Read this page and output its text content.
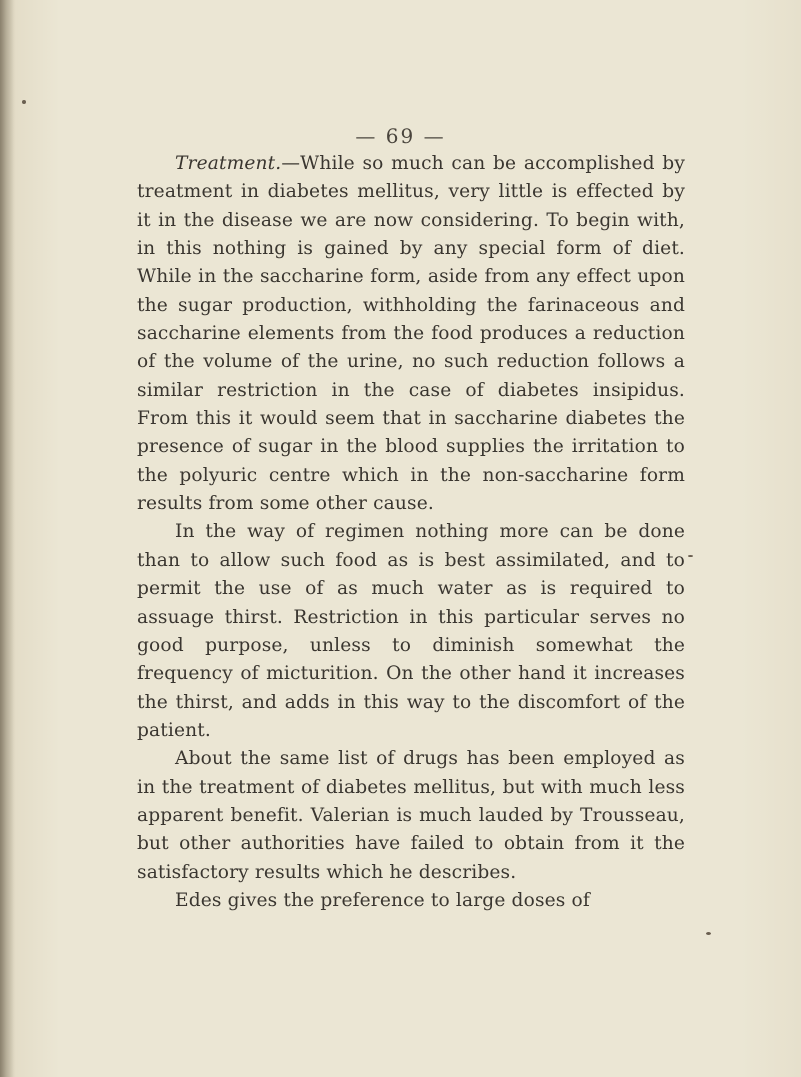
— 69 —

Treatment.—While so much can be accomplished by treatment in diabetes mellitus, very little is effected by it in the disease we are now considering. To begin with, in this nothing is gained by any special form of diet. While in the saccharine form, aside from any effect upon the sugar production, withholding the farinaceous and saccharine elements from the food produces a reduction of the volume of the urine, no such reduction follows a similar restriction in the case of diabetes insipidus. From this it would seem that in saccharine diabetes the presence of sugar in the blood supplies the irritation to the polyuric centre which in the non-saccharine form results from some other cause.

In the way of regimen nothing more can be done than to allow such food as is best assimilated, and to permit the use of as much water as is required to assuage thirst. Restriction in this particular serves no good purpose, unless to diminish somewhat the frequency of micturition. On the other hand it increases the thirst, and adds in this way to the discomfort of the patient.

About the same list of drugs has been employed as in the treatment of diabetes mellitus, but with much less apparent benefit. Valerian is much lauded by Trousseau, but other authorities have failed to obtain from it the satisfactory results which he describes.

Edes gives the preference to large doses of
